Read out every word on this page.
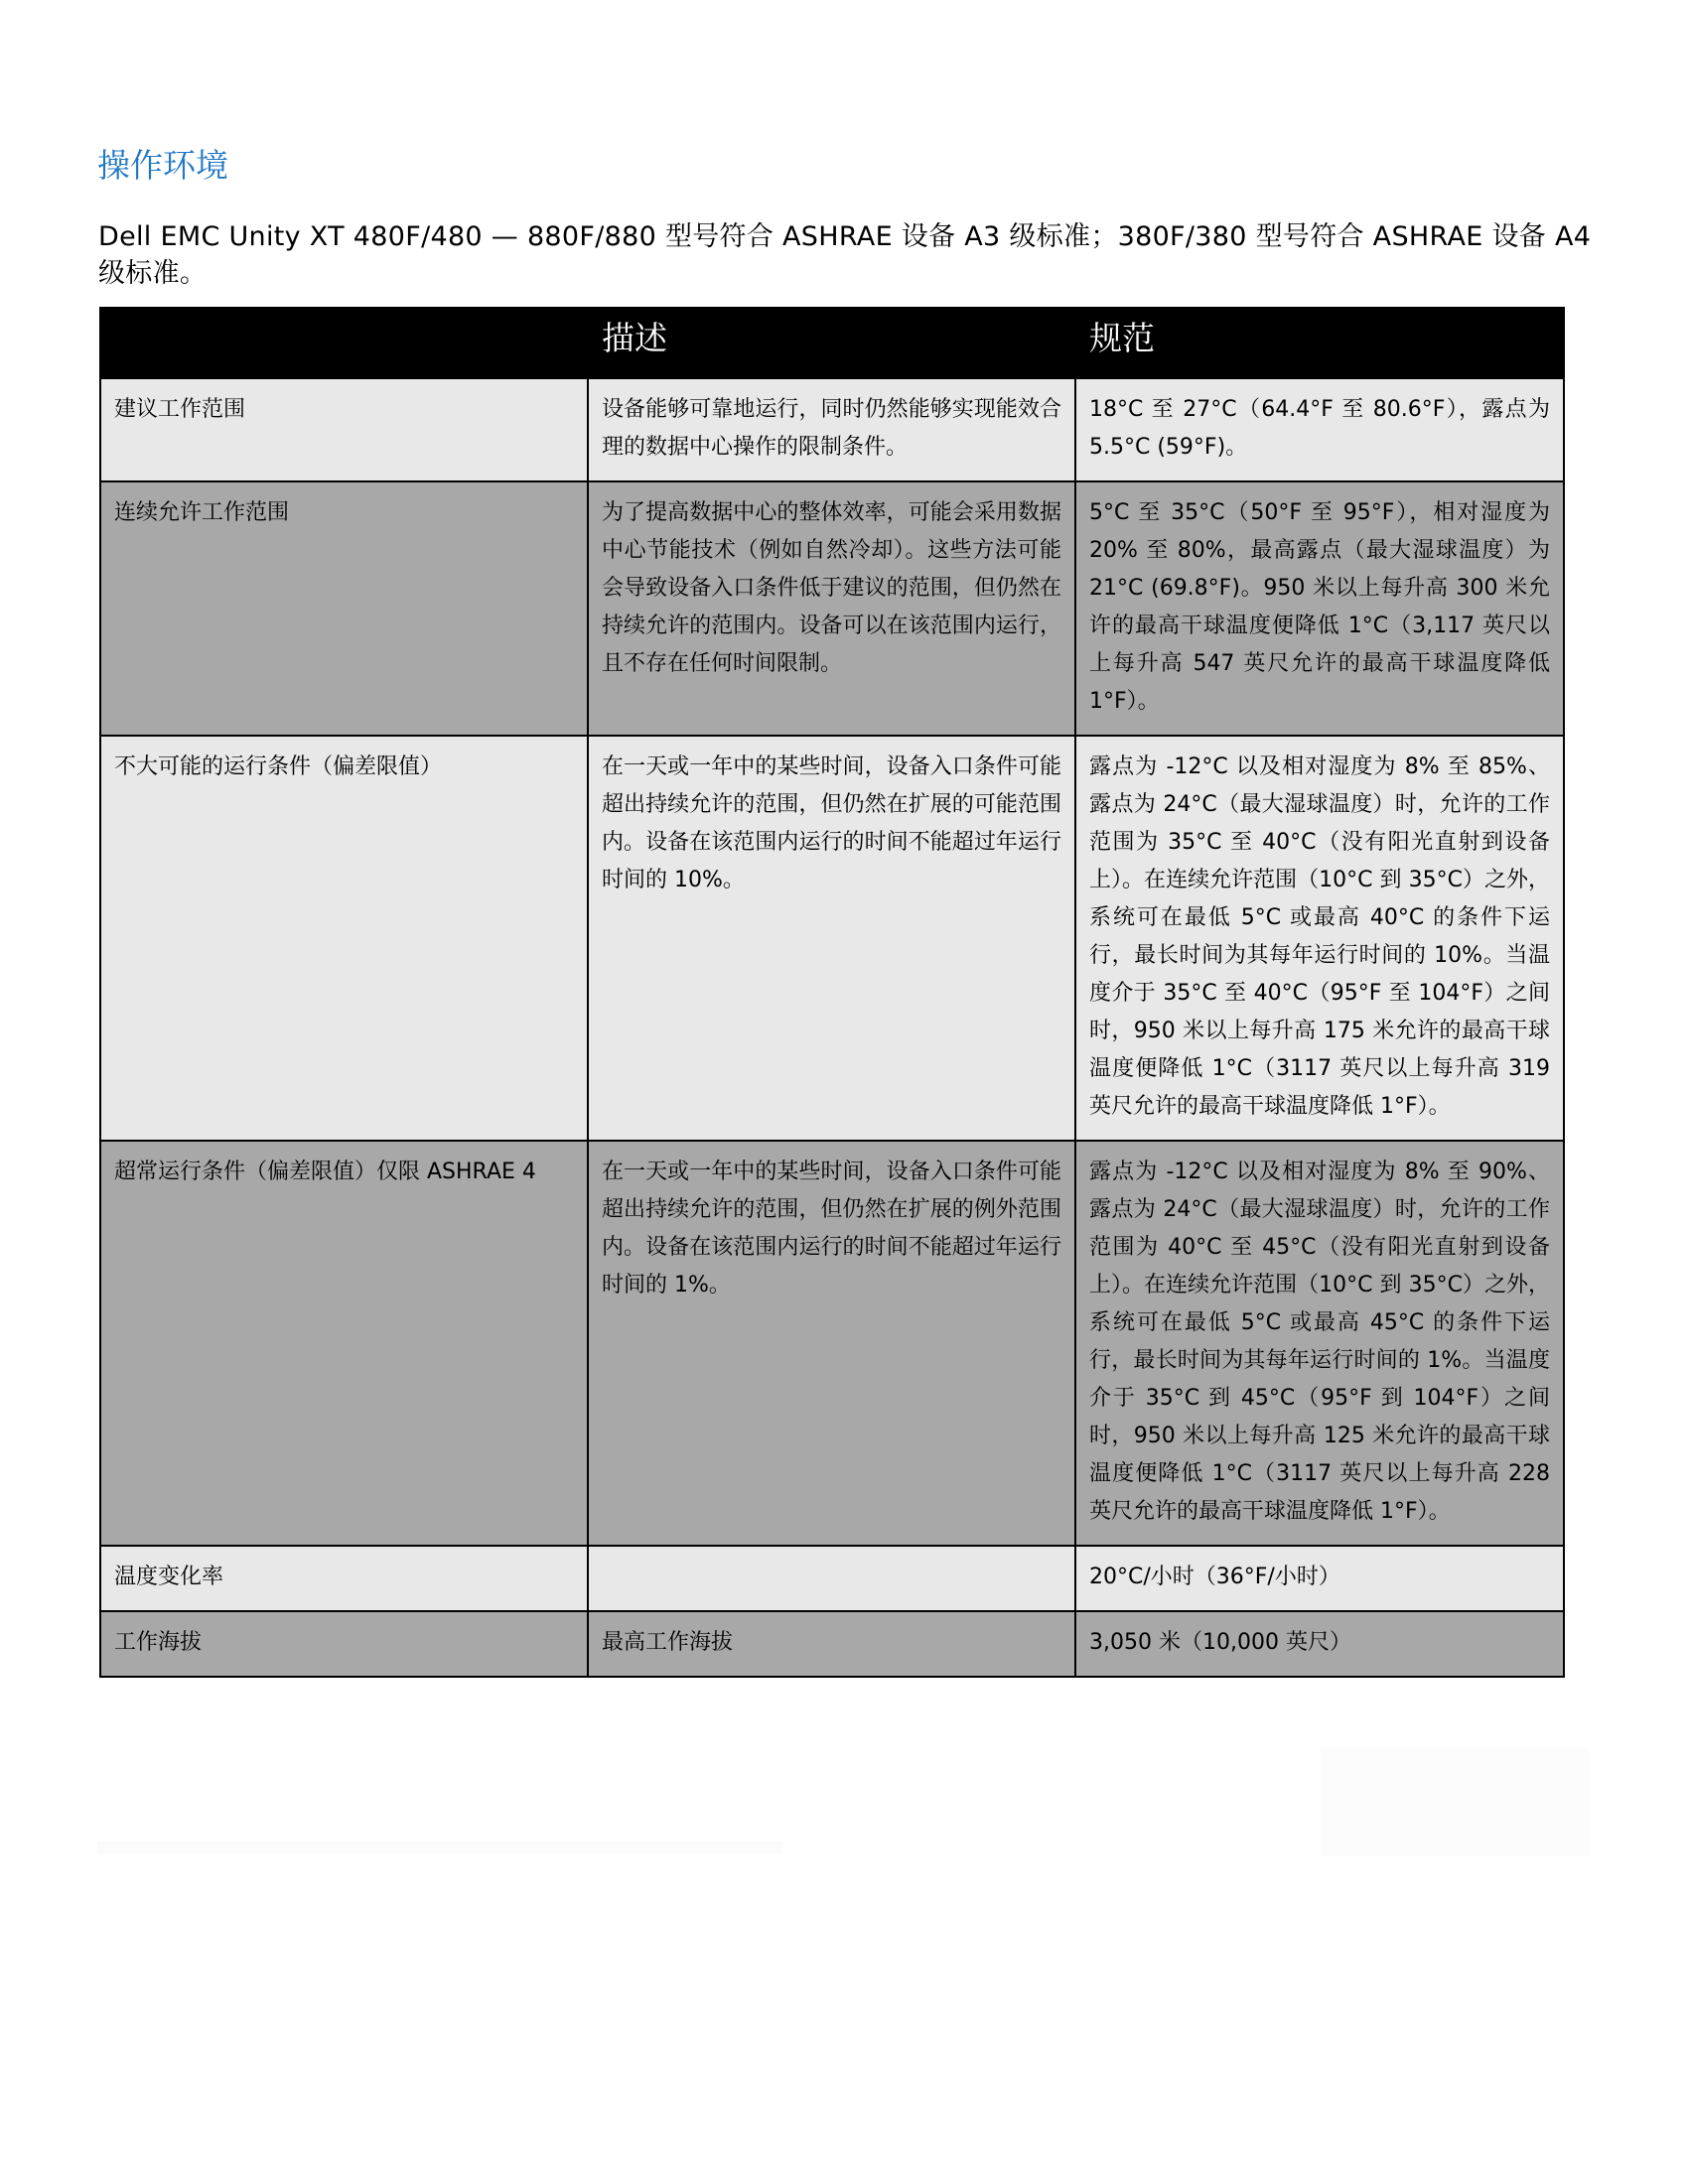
操作环境

Dell EMC Unity XT 480F/480 — 880F/880 型号符合 ASHRAE 设备 A3 级标准；380F/380 型号符合 ASHRAE 设备 A4 级标准。

	描述	规范
建议工作范围	设备能够可靠地运行，同时仍然能够实现能效合理的数据中心操作的限制条件。	18°C 至 27°C（64.4°F 至 80.6°F），露点为 5.5°C (59°F)。
连续允许工作范围	为了提高数据中心的整体效率，可能会采用数据中心节能技术（例如自然冷却）。这些方法可能会导致设备入口条件低于建议的范围，但仍然在持续允许的范围内。设备可以在该范围内运行，且不存在任何时间限制。	5°C 至 35°C（50°F 至 95°F），相对湿度为 20% 至 80%，最高露点（最大湿球温度）为 21°C (69.8°F)。950 米以上每升高 300 米允许的最高干球温度便降低 1°C（3,117 英尺以上每升高 547 英尺允许的最高干球温度降低 1°F）。
不大可能的运行条件（偏差限值）	在一天或一年中的某些时间，设备入口条件可能超出持续允许的范围，但仍然在扩展的可能范围内。设备在该范围内运行的时间不能超过年运行时间的 10%。	露点为 -12°C 以及相对湿度为 8% 至 85%、露点为 24°C（最大湿球温度）时，允许的工作范围为 35°C 至 40°C（没有阳光直射到设备上）。在连续允许范围（10°C 到 35°C）之外，系统可在最低 5°C 或最高 40°C 的条件下运行，最长时间为其每年运行时间的 10%。当温度介于 35°C 至 40°C（95°F 至 104°F）之间时，950 米以上每升高 175 米允许的最高干球温度便降低 1°C（3117 英尺以上每升高 319 英尺允许的最高干球温度降低 1°F）。
超常运行条件（偏差限值）仅限 ASHRAE 4	在一天或一年中的某些时间，设备入口条件可能超出持续允许的范围，但仍然在扩展的例外范围内。设备在该范围内运行的时间不能超过年运行时间的 1%。	露点为 -12°C 以及相对湿度为 8% 至 90%、露点为 24°C（最大湿球温度）时，允许的工作范围为 40°C 至 45°C（没有阳光直射到设备上）。在连续允许范围（10°C 到 35°C）之外，系统可在最低 5°C 或最高 45°C 的条件下运行，最长时间为其每年运行时间的 1%。当温度介于 35°C 到 45°C（95°F 到 104°F）之间时，950 米以上每升高 125 米允许的最高干球温度便降低 1°C（3117 英尺以上每升高 228 英尺允许的最高干球温度降低 1°F）。
温度变化率		20°C/小时（36°F/小时）
工作海拔	最高工作海拔	3,050 米（10,000 英尺）
